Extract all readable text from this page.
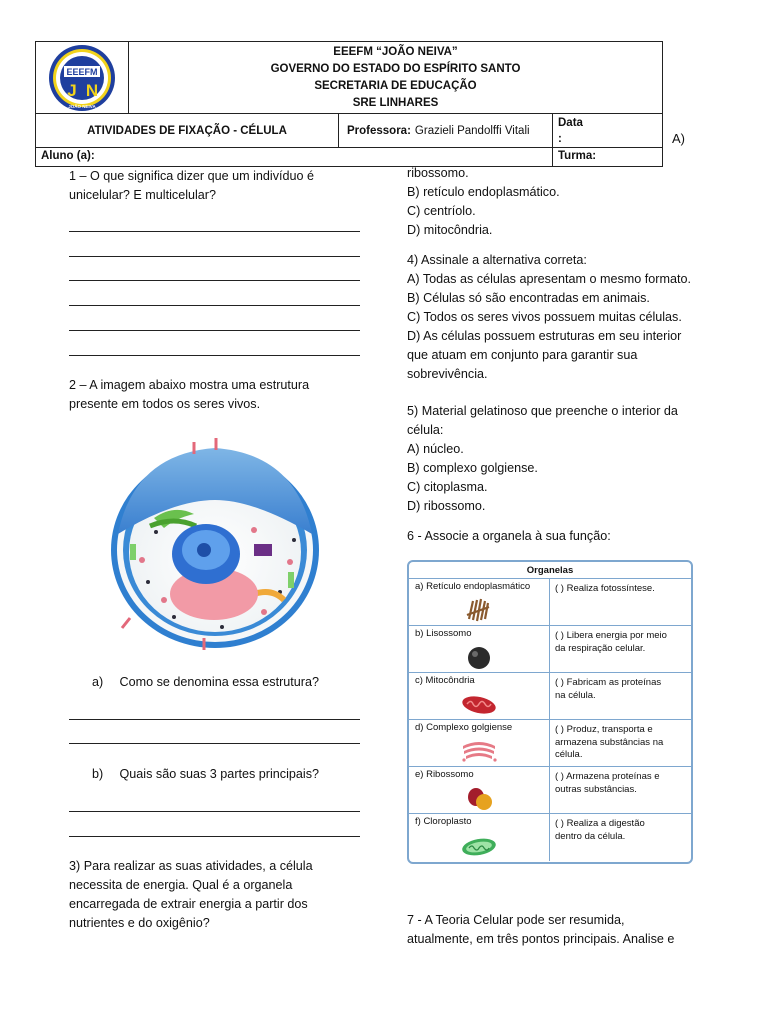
EEEFM
J N
JOÃO NEIVA
EEEFM “JOÃO NEIVA”
GOVERNO DO ESTADO DO ESPÍRITO SANTO
SECRETARIA DE EDUCAÇÃO
SRE LINHARES
ATIVIDADES DE FIXAÇÃO - CÉLULA	Professora: Grazieli Pandolffi Vitali
Data
:
Aluno (a):	Turma:
A)
1 – O que significa dizer que um indivíduo é
unicelular? E multicelular?
2 – A imagem abaixo mostra uma estrutura
presente em todos os seres vivos.
a) Como se denomina essa estrutura?
b) Quais são suas 3 partes principais?
3) Para realizar as suas atividades, a célula
necessita de energia. Qual é a organela
encarregada de extrair energia a partir dos
nutrientes e do oxigênio?
ribossomo.
B) retículo endoplasmático.
C) centríolo.
D) mitocôndria.
4) Assinale a alternativa correta:
A) Todas as células apresentam o mesmo formato.
B) Células só são encontradas em animais.
C) Todos os seres vivos possuem muitas células.
D) As células possuem estruturas em seu interior
que atuam em conjunto para garantir sua
sobrevivência.
5) Material gelatinoso que preenche o interior da
célula:
A) núcleo.
B) complexo golgiense.
C) citoplasma.
D) ribossomo.
6 - Associe a organela à sua função:
Organelas
a) Retículo endoplasmático	( ) Realiza fotossíntese.
b) Lisossomo	( ) Libera energia por meio
da respiração celular.
c) Mitocôndria	( ) Fabricam as proteínas
na célula.
d) Complexo golgiense	( ) Produz, transporta e
armazena substâncias na
célula.
e) Ribossomo	( ) Armazena proteínas e
outras substâncias.
f) Cloroplasto	( ) Realiza a digestão
dentro da célula.
7 - A Teoria Celular pode ser resumida,
atualmente, em três pontos principais. Analise e
